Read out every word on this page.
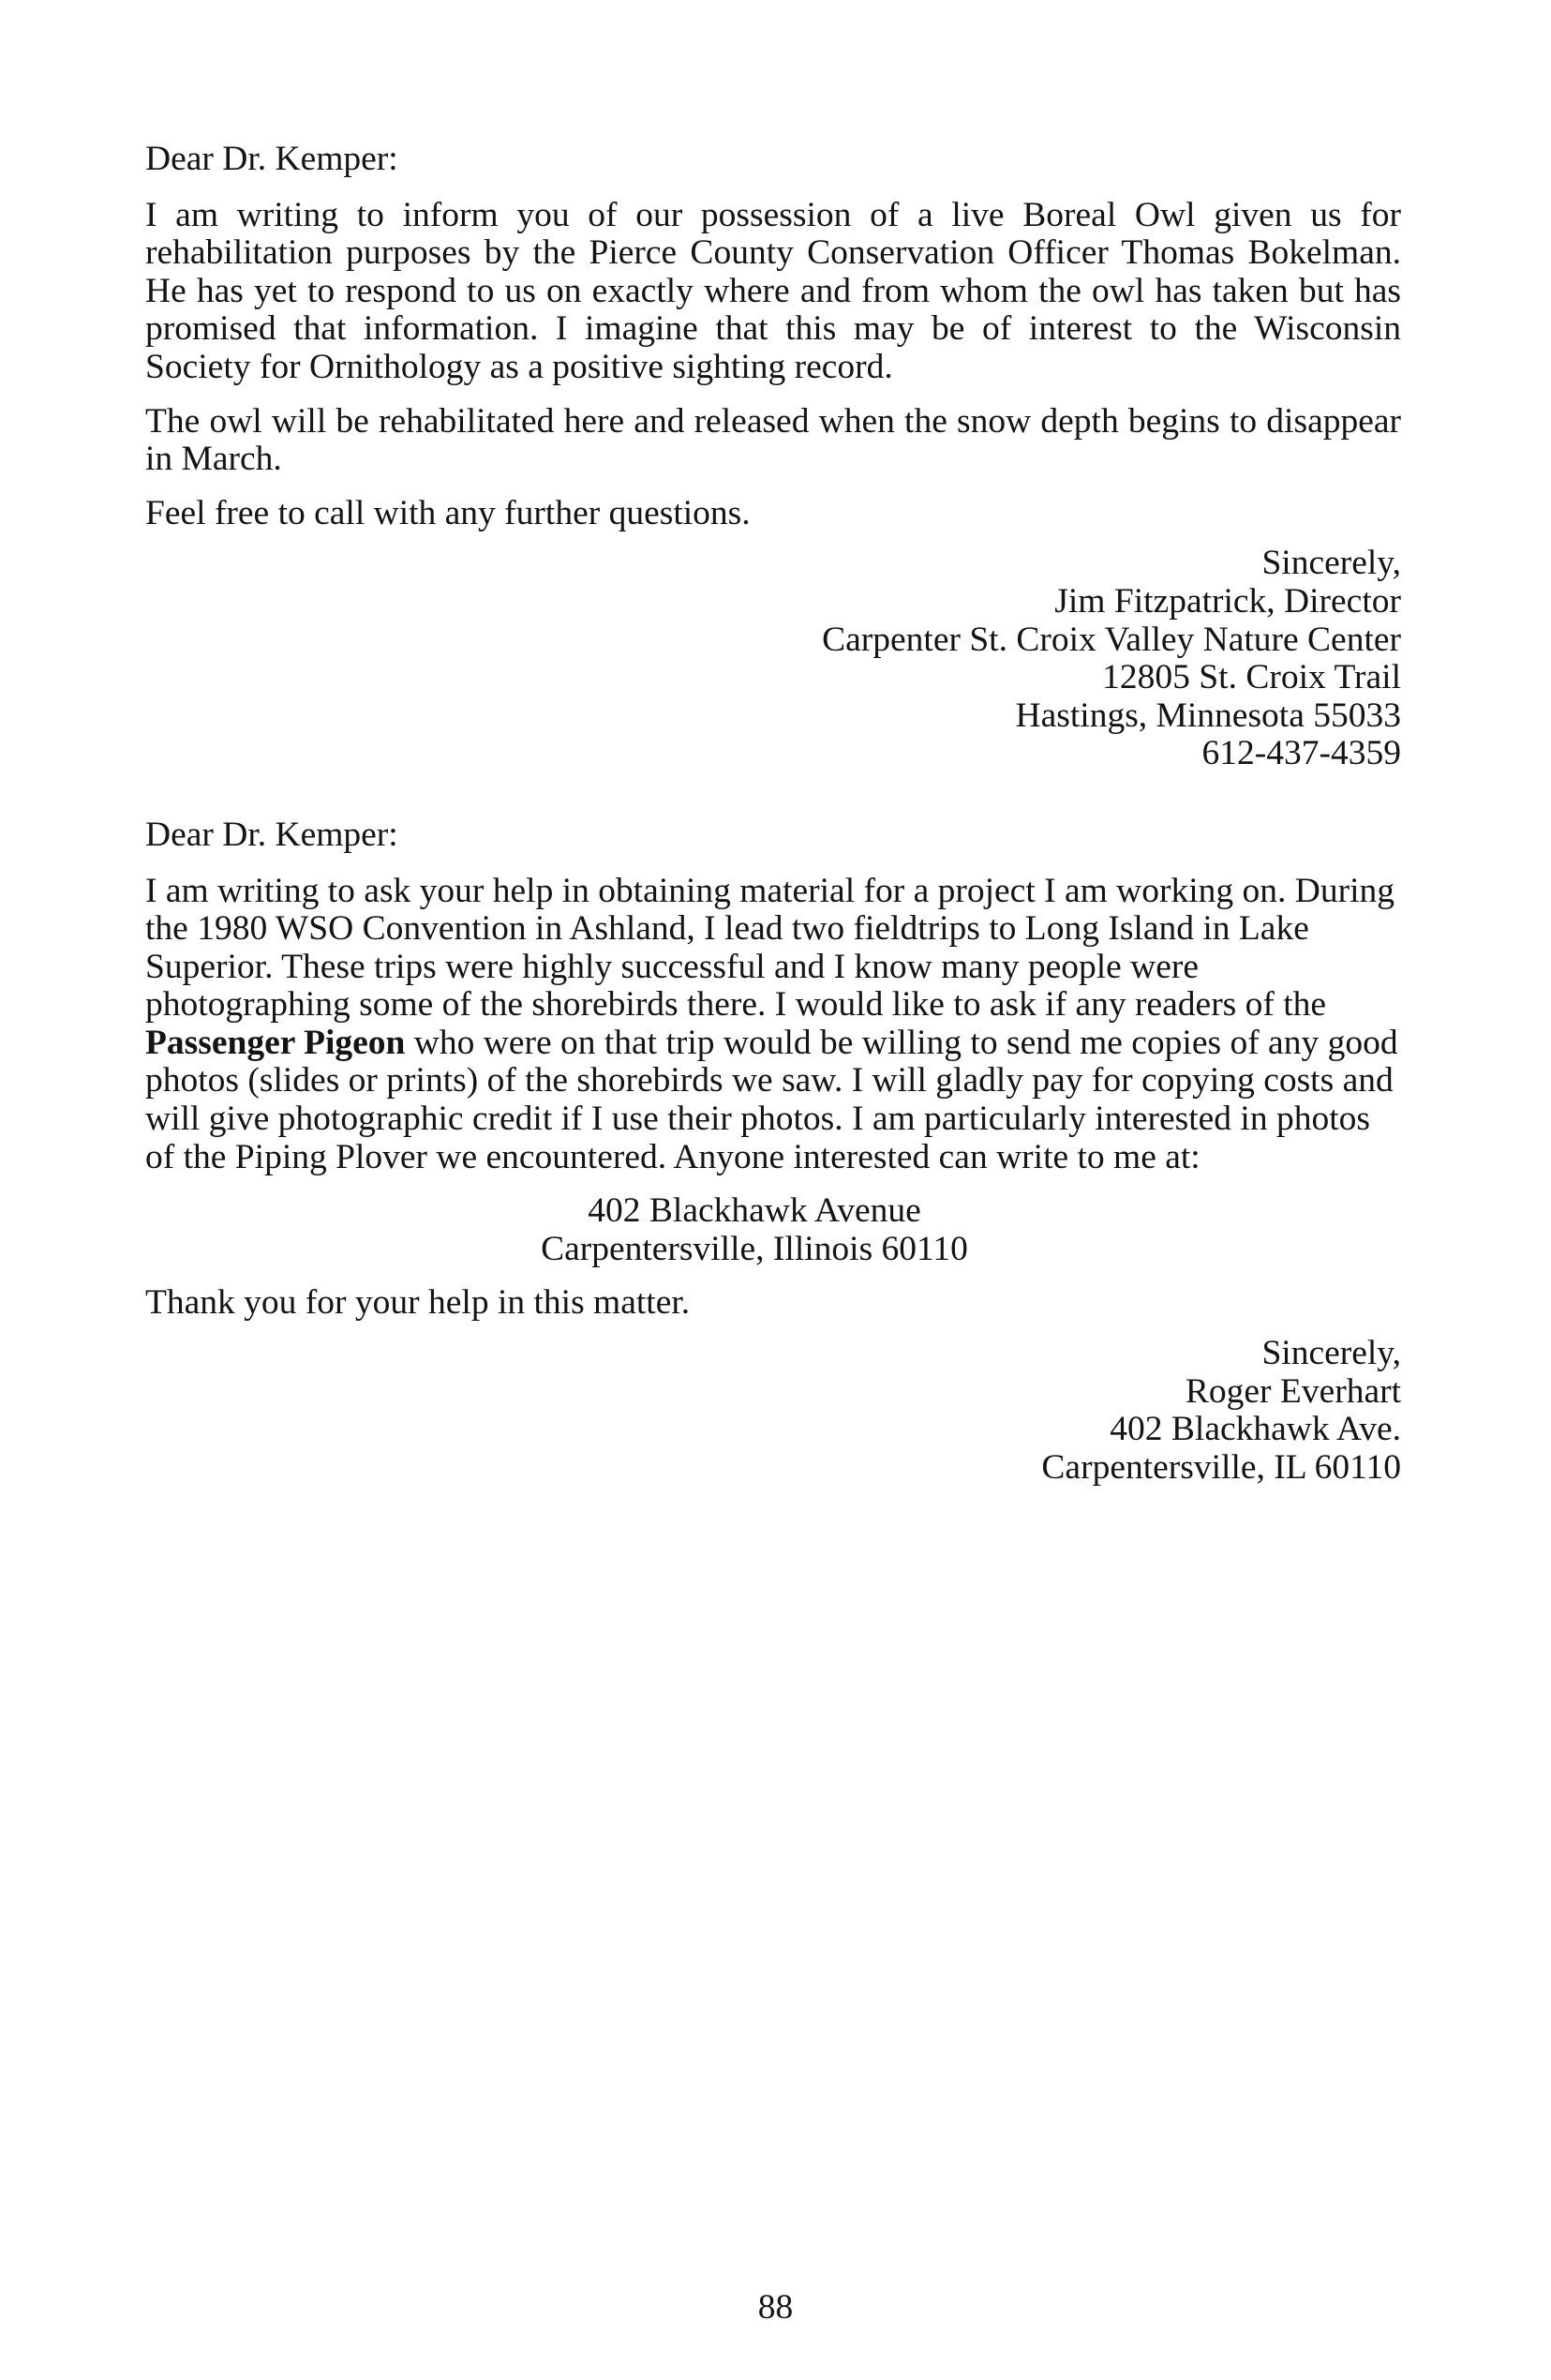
Dear Dr. Kemper:

I am writing to inform you of our possession of a live Boreal Owl given us for rehabilitation purposes by the Pierce County Conservation Officer Thomas Bokelman. He has yet to respond to us on exactly where and from whom the owl has taken but has promised that information. I imagine that this may be of interest to the Wisconsin Society for Ornithology as a positive sighting record.

The owl will be rehabilitated here and released when the snow depth begins to disappear in March.

Feel free to call with any further questions.

Sincerely,
Jim Fitzpatrick, Director
Carpenter St. Croix Valley Nature Center
12805 St. Croix Trail
Hastings, Minnesota 55033
612-437-4359
Dear Dr. Kemper:

I am writing to ask your help in obtaining material for a project I am working on. During the 1980 WSO Convention in Ashland, I lead two fieldtrips to Long Island in Lake Superior. These trips were highly successful and I know many people were photographing some of the shorebirds there. I would like to ask if any readers of the Passenger Pigeon who were on that trip would be willing to send me copies of any good photos (slides or prints) of the shorebirds we saw. I will gladly pay for copying costs and will give photographic credit if I use their photos. I am particularly interested in photos of the Piping Plover we encountered. Anyone interested can write to me at:

402 Blackhawk Avenue
Carpentersville, Illinois 60110

Thank you for your help in this matter.

Sincerely,
Roger Everhart
402 Blackhawk Ave.
Carpentersville, IL 60110
88
